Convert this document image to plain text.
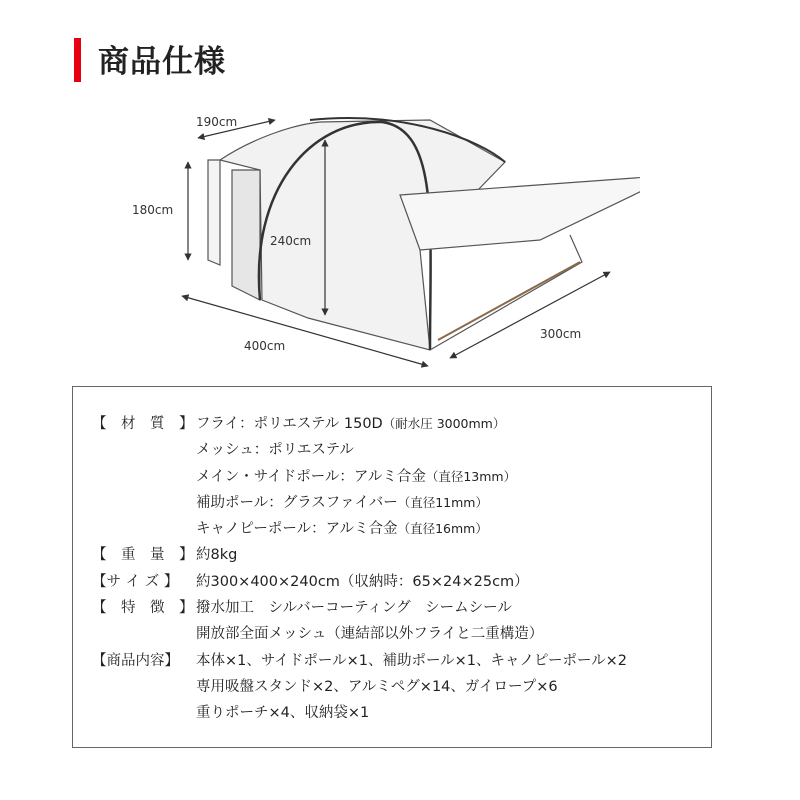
商品仕様
190cm
180cm
240cm
400cm
300cm
【　材　質　】 フライ：ポリエステル 150D（耐水圧 3000mm）
メッシュ：ポリエステル
メイン・サイドポール：アルミ合金（直径13mm）
補助ポール：グラスファイバー（直径11mm）
キャノピーポール：アルミ合金（直径16mm）
【　重　量　】 約8kg
【サ イ ズ 】	約300×400×240cm（収納時：65×24×25cm）
【　特　徴　】 撥水加工　シルバーコーティング　シームシール
開放部全面メッシュ（連結部以外フライと二重構造）
【商品内容】	本体×1、サイドポール×1、補助ポール×1、キャノピーポール×2
専用吸盤スタンド×2、アルミペグ×14、ガイロープ×6
重りポーチ×4、収納袋×1
